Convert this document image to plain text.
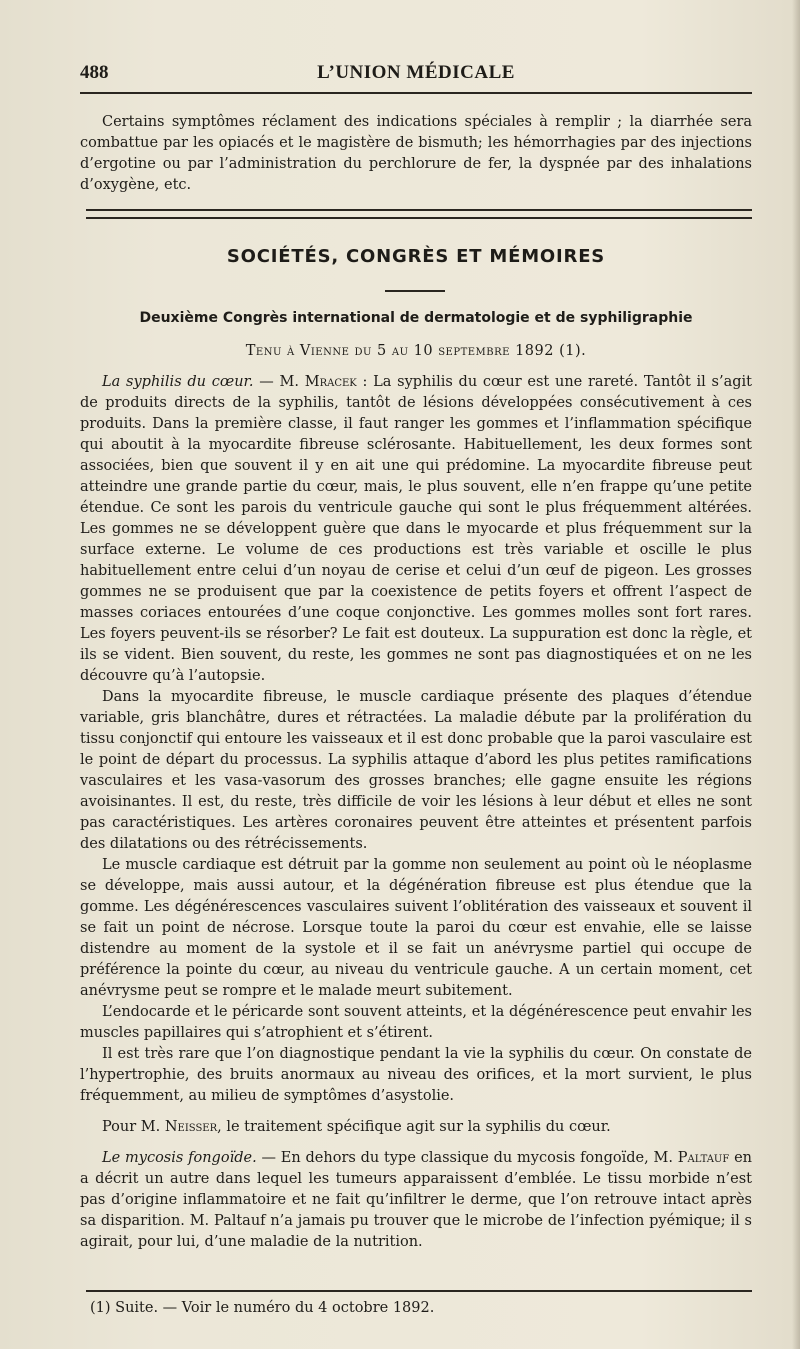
488	L’UNION MÉDICALE

Certains symptômes réclament des indications spéciales à remplir ; la diarrhée sera combattue par les opiacés et le magistère de bismuth; les hémorrhagies par des injections d’ergotine ou par l’administration du perchlorure de fer, la dyspnée par des inhalations d’oxygène, etc.

SOCIÉTÉS, CONGRÈS ET MÉMOIRES
Deuxième Congrès international de dermatologie et de syphiligraphie
Tenu à Vienne du 5 au 10 septembre 1892 (1).

La syphilis du cœur. — M. Mracek : La syphilis du cœur est une rareté. Tantôt il s’agit de produits directs de la syphilis, tantôt de lésions développées consécutivement à ces produits. Dans la première classe, il faut ranger les gommes et l’inflammation spécifique qui aboutit à la myocardite fibreuse sclérosante. Habituellement, les deux formes sont associées, bien que souvent il y en ait une qui prédomine. La myocardite fibreuse peut atteindre une grande partie du cœur, mais, le plus souvent, elle n’en frappe qu’une petite étendue. Ce sont les parois du ventricule gauche qui sont le plus fréquemment altérées. Les gommes ne se développent guère que dans le myocarde et plus fréquemment sur la surface externe. Le volume de ces productions est très variable et oscille le plus habituellement entre celui d’un noyau de cerise et celui d’un œuf de pigeon. Les grosses gommes ne se produisent que par la coexistence de petits foyers et offrent l’aspect de masses coriaces entourées d’une coque conjonctive. Les gommes molles sont fort rares. Les foyers peuvent-ils se résorber? Le fait est douteux. La suppuration est donc la règle, et ils se vident. Bien souvent, du reste, les gommes ne sont pas diagnostiquées et on ne les découvre qu’à l’autopsie.

Dans la myocardite fibreuse, le muscle cardiaque présente des plaques d’étendue variable, gris blanchâtre, dures et rétractées. La maladie débute par la prolifération du tissu conjonctif qui entoure les vaisseaux et il est donc probable que la paroi vasculaire est le point de départ du processus. La syphilis attaque d’abord les plus petites ramifications vasculaires et les vasa-vasorum des grosses branches; elle gagne ensuite les régions avoisinantes. Il est, du reste, très difficile de voir les lésions à leur début et elles ne sont pas caractéristiques. Les artères coronaires peuvent être atteintes et présentent parfois des dilatations ou des rétrécissements.

Le muscle cardiaque est détruit par la gomme non seulement au point où le néoplasme se développe, mais aussi autour, et la dégénération fibreuse est plus étendue que la gomme. Les dégénérescences vasculaires suivent l’oblitération des vaisseaux et souvent il se fait un point de nécrose. Lorsque toute la paroi du cœur est envahie, elle se laisse distendre au moment de la systole et il se fait un anévrysme partiel qui occupe de préférence la pointe du cœur, au niveau du ventricule gauche. A un certain moment, cet anévrysme peut se rompre et le malade meurt subitement.

L’endocarde et le péricarde sont souvent atteints, et la dégénérescence peut envahir les muscles papillaires qui s’atrophient et s’étirent.

Il est très rare que l’on diagnostique pendant la vie la syphilis du cœur. On constate de l’hypertrophie, des bruits anormaux au niveau des orifices, et la mort survient, le plus fréquemment, au milieu de symptômes d’asystolie.

Pour M. Neisser, le traitement spécifique agit sur la syphilis du cœur.

Le mycosis fongoïde. — En dehors du type classique du mycosis fongoïde, M. Paltauf en a décrit un autre dans lequel les tumeurs apparaissent d’emblée. Le tissu morbide n’est pas d’origine inflammatoire et ne fait qu’infiltrer le derme, que l’on retrouve intact après sa disparition. M. Paltauf n’a jamais pu trouver que le microbe de l’infection pyémique; il s agirait, pour lui, d’une maladie de la nutrition.

(1) Suite. — Voir le numéro du 4 octobre 1892.
